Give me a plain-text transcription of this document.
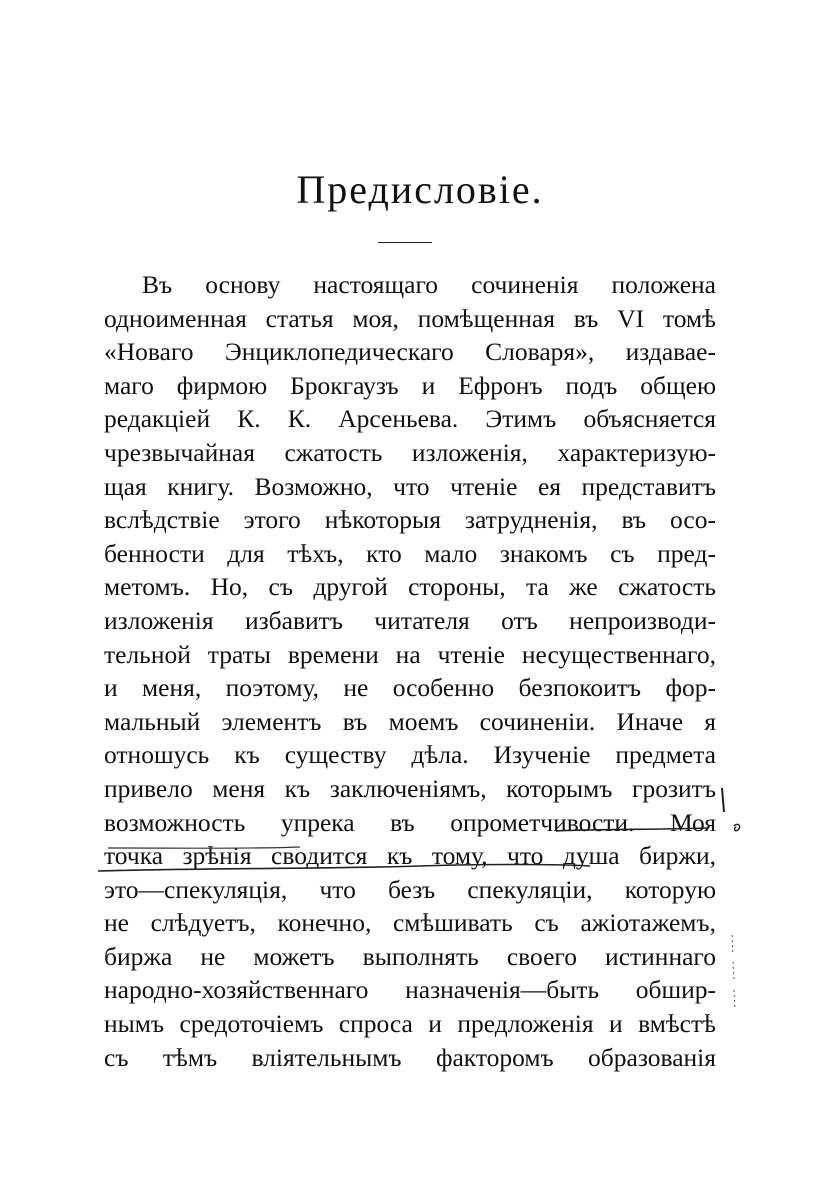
Предисловіе.
Въ основу настоящаго сочиненія положена
одноименная статья моя, помѣщенная въ VI томѣ
«Новаго Энциклопедическаго Словаря», издавае-
маго фирмою Брокгаузъ и Ефронъ подъ общею
редакціей К. К. Арсеньева. Этимъ объясняется
чрезвычайная сжатость изложенія, характеризую-
щая книгу. Возможно, что чтеніе ея представитъ
вслѣдствіе этого нѣкоторыя затрудненія, въ осо-
бенности для тѣхъ, кто мало знакомъ съ пред-
метомъ. Но, съ другой стороны, та же сжатость
изложенія избавитъ читателя отъ непроизводи-
тельной траты времени на чтеніе несущественнаго,
и меня, поэтому, не особенно безпокоитъ фор-
мальный элементъ въ моемъ сочиненіи. Иначе я
отношусь къ существу дѣла. Изученіе предмета
привело меня къ заключеніямъ, которымъ грозитъ
возможность упрека въ опрометчивости. Моя
точка зрѣнія сводится къ тому, что душа биржи,
это—спекуляція, что безъ спекуляціи, которую
не слѣдуетъ, конечно, смѣшивать съ ажіотажемъ,
биржа не можетъ выполнять своего истиннаго
народно-хозяйственнаго назначенія—быть обшир-
нымъ средоточіемъ спроса и предложенія и вмѣстѣ
съ тѣмъ вліятельнымъ факторомъ образованія
